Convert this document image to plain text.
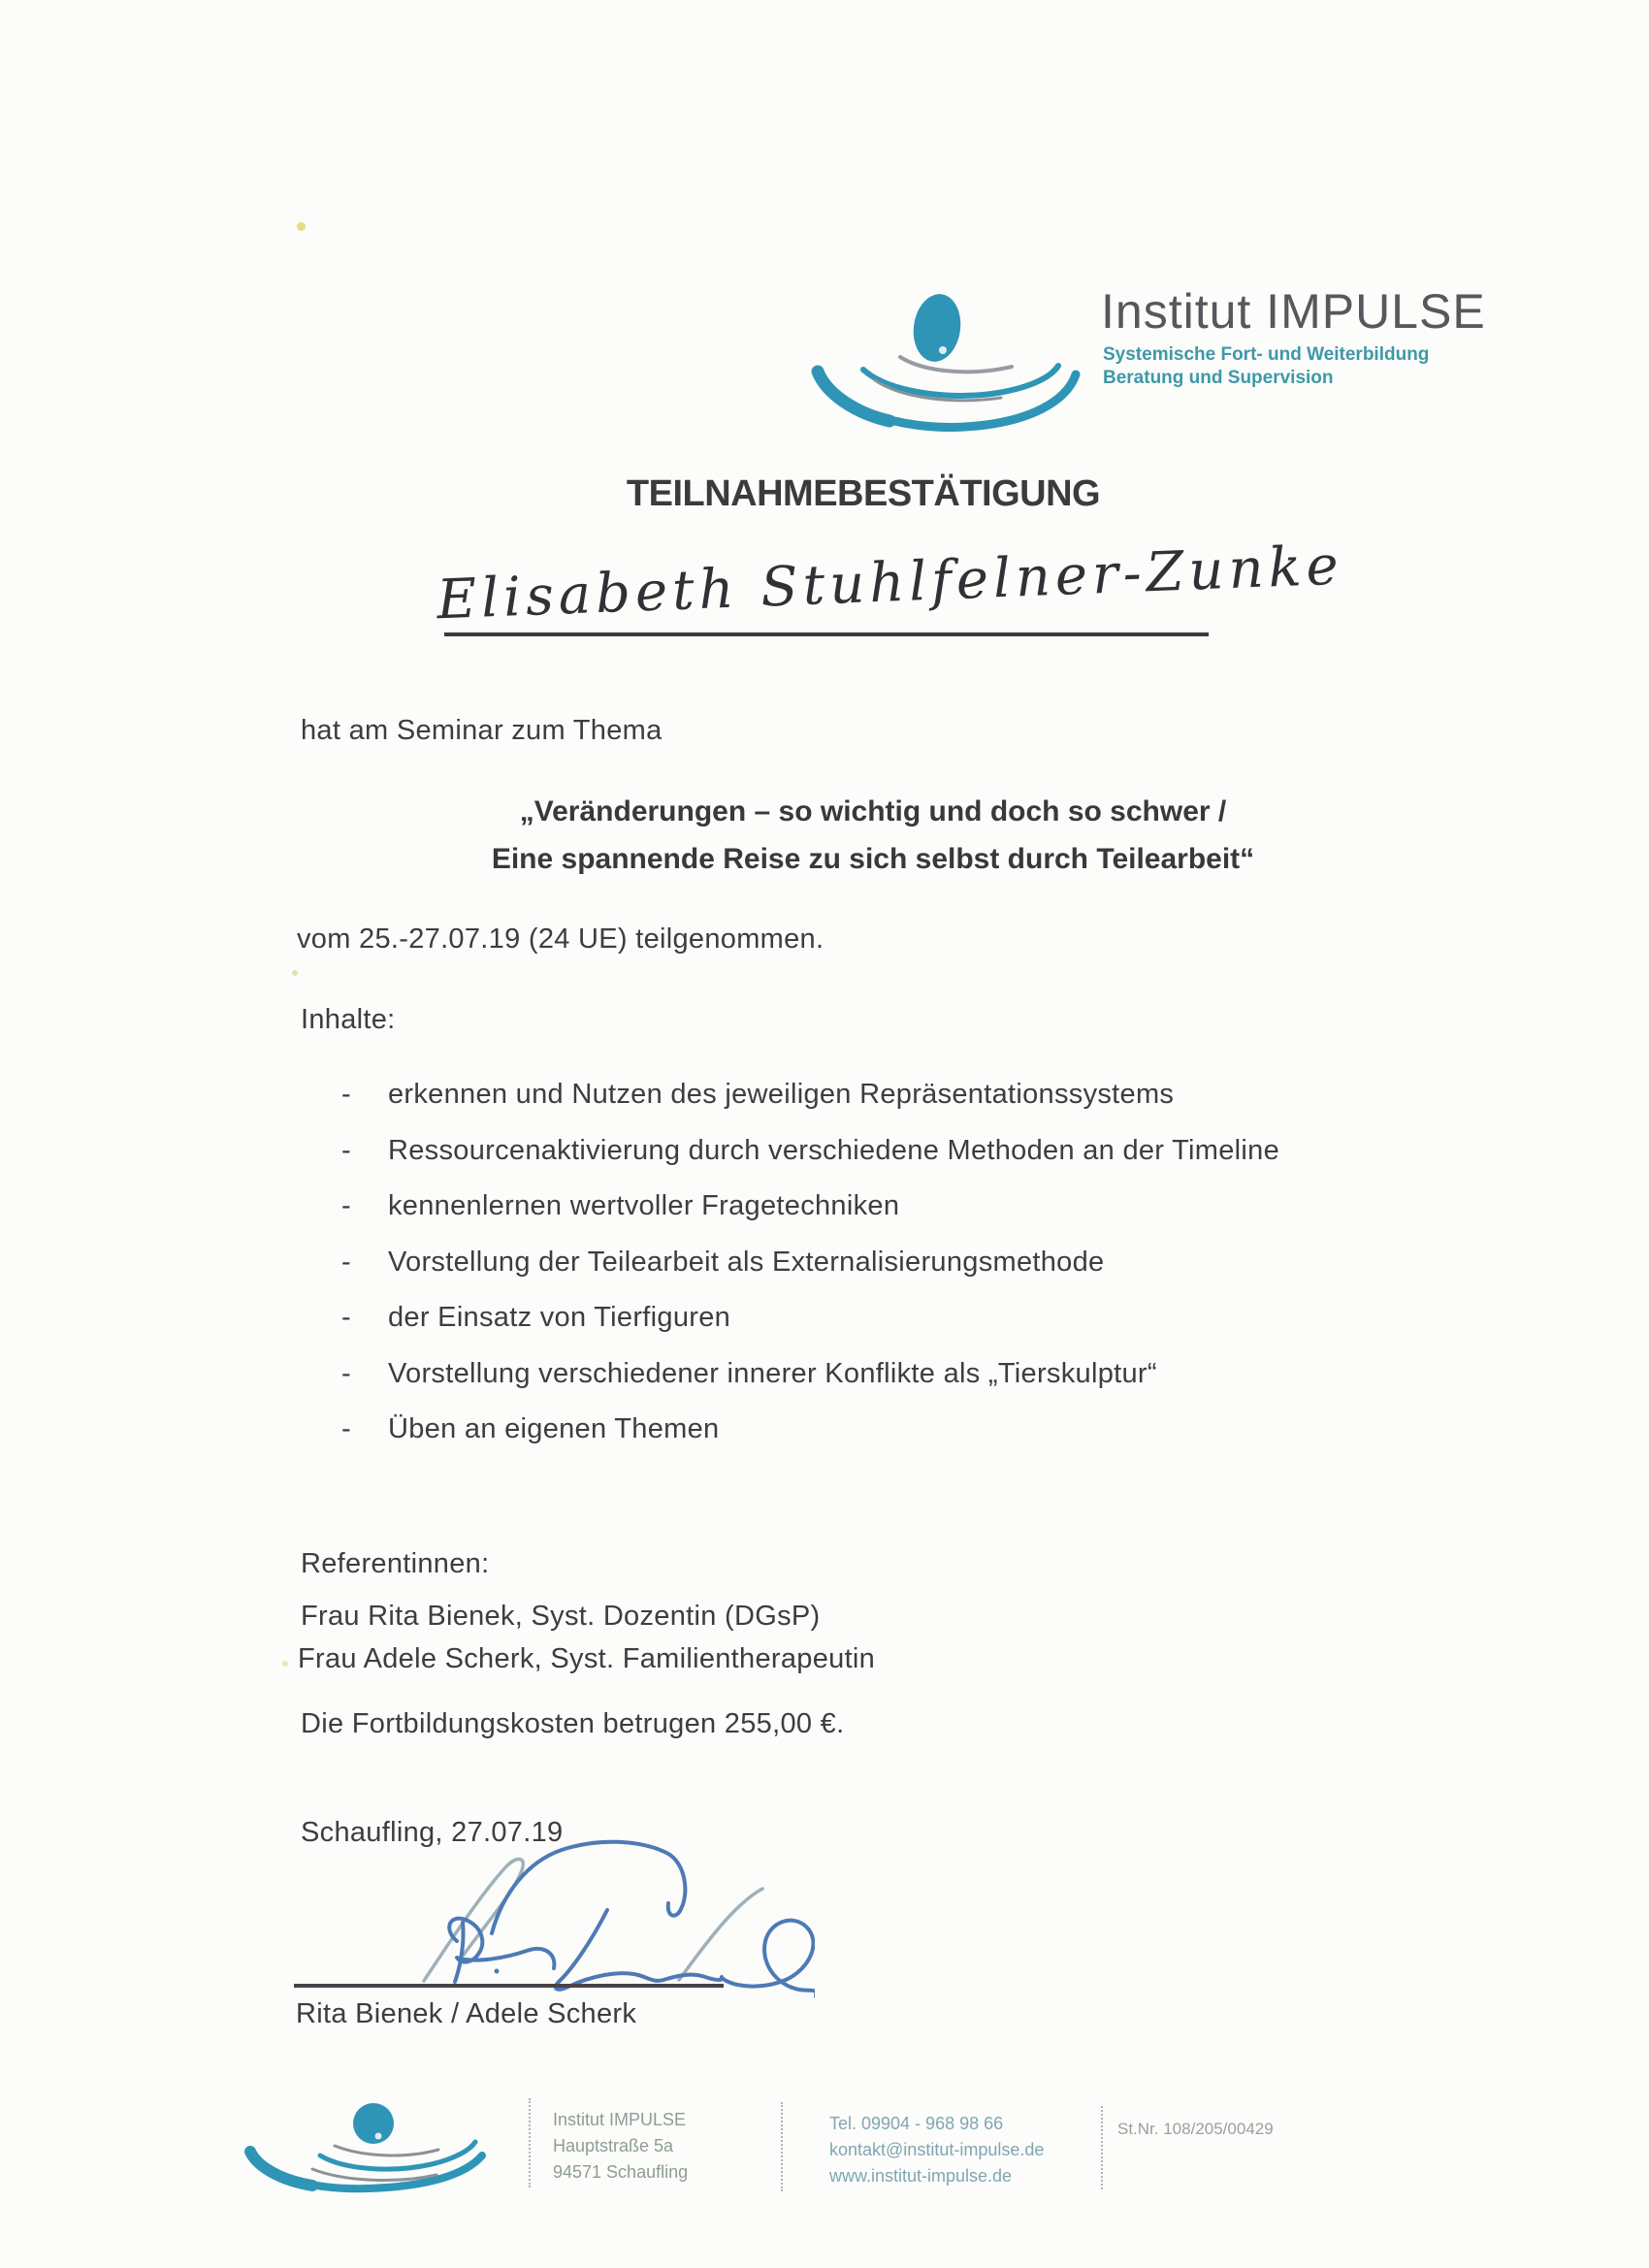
Institut IMPULSE
Systemische Fort- und Weiterbildung
Beratung und Supervision
TEILNAHMEBESTÄTIGUNG
Elisabeth Stuhlfelner-Zunke
hat am Seminar zum Thema
„Veränderungen – so wichtig und doch so schwer /
Eine spannende Reise zu sich selbst durch Teilearbeit“
vom 25.-27.07.19 (24 UE) teilgenommen.
Inhalte:
-	erkennen und Nutzen des jeweiligen Repräsentationssystems
-	Ressourcenaktivierung durch verschiedene Methoden an der Timeline
-	kennenlernen wertvoller Fragetechniken
-	Vorstellung der Teilearbeit als Externalisierungsmethode
-	der Einsatz von Tierfiguren
-	Vorstellung verschiedener innerer Konflikte als „Tierskulptur“
-	Üben an eigenen Themen
Referentinnen:
Frau Rita Bienek, Syst. Dozentin (DGsP)
Frau Adele Scherk, Syst. Familientherapeutin
Die Fortbildungskosten betrugen 255,00 €.
Schaufling, 27.07.19
Rita Bienek / Adele Scherk
Institut IMPULSE
Hauptstraße 5a
94571 Schaufling
Tel. 09904 - 968 98 66
kontakt@institut-impulse.de
www.institut-impulse.de
St.Nr. 108/205/00429
